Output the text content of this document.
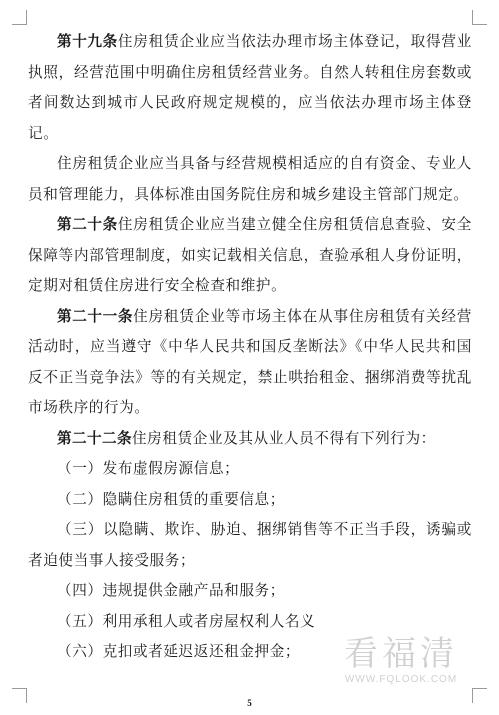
第十九条住房租赁企业应当依法办理市场主体登记，取得营业执照，经营范围中明确住房租赁经营业务。自然人转租住房套数或者间数达到城市人民政府规定规模的，应当依法办理市场主体登记。

住房租赁企业应当具备与经营规模相适应的自有资金、专业人员和管理能力，具体标准由国务院住房和城乡建设主管部门规定。

第二十条住房租赁企业应当建立健全住房租赁信息查验、安全保障等内部管理制度，如实记载相关信息，查验承租人身份证明，定期对租赁住房进行安全检查和维护。

第二十一条住房租赁企业等市场主体在从事住房租赁有关经营活动时，应当遵守《中华人民共和国反垄断法》《中华人民共和国反不正当竞争法》等的有关规定，禁止哄抬租金、捆绑消费等扰乱市场秩序的行为。

第二十二条住房租赁企业及其从业人员不得有下列行为：

（一）发布虚假房源信息；

（二）隐瞒住房租赁的重要信息；

（三）以隐瞒、欺诈、胁迫、捆绑销售等不正当手段，诱骗或者迫使当事人接受服务；

（四）违规提供金融产品和服务；

（五）利用承租人或者房屋权利人名义

（六）克扣或者延迟返还租金押金；	看福清
WWW.FQLOOK.COM
5
